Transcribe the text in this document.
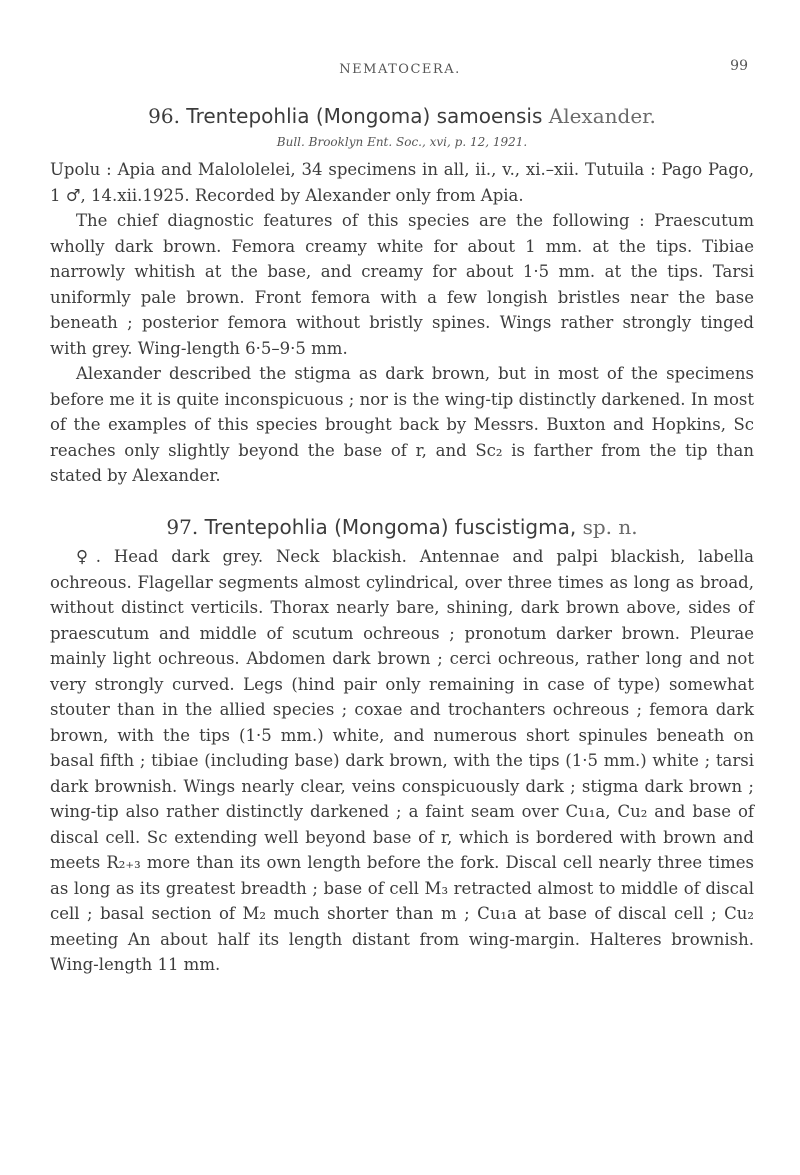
NEMATOCERA.	99

96. Trentepohlia (Mongoma) samoensis Alexander.

Bull. Brooklyn Ent. Soc., xvi, p. 12, 1921.

Upolu : Apia and Malololelei, 34 specimens in all, ii., v., xi.–xii. Tutuila : Pago Pago, 1 ♂, 14.xii.1925. Recorded by Alexander only from Apia.

The chief diagnostic features of this species are the following : Praescutum wholly dark brown. Femora creamy white for about 1 mm. at the tips. Tibiae narrowly whitish at the base, and creamy for about 1·5 mm. at the tips. Tarsi uniformly pale brown. Front femora with a few longish bristles near the base beneath ; posterior femora without bristly spines. Wings rather strongly tinged with grey. Wing-length 6·5–9·5 mm.

Alexander described the stigma as dark brown, but in most of the specimens before me it is quite inconspicuous ; nor is the wing-tip distinctly darkened. In most of the examples of this species brought back by Messrs. Buxton and Hopkins, Sc reaches only slightly beyond the base of r, and Sc₂ is farther from the tip than stated by Alexander.

97. Trentepohlia (Mongoma) fuscistigma, sp. n.

♀. Head dark grey. Neck blackish. Antennae and palpi blackish, labella ochreous. Flagellar segments almost cylindrical, over three times as long as broad, without distinct verticils. Thorax nearly bare, shining, dark brown above, sides of praescutum and middle of scutum ochreous ; pronotum darker brown. Pleurae mainly light ochreous. Abdomen dark brown ; cerci ochreous, rather long and not very strongly curved. Legs (hind pair only remaining in case of type) somewhat stouter than in the allied species ; coxae and trochanters ochreous ; femora dark brown, with the tips (1·5 mm.) white, and numerous short spinules beneath on basal fifth ; tibiae (including base) dark brown, with the tips (1·5 mm.) white ; tarsi dark brownish. Wings nearly clear, veins conspicuously dark ; stigma dark brown ; wing-tip also rather distinctly darkened ; a faint seam over Cu₁a, Cu₂ and base of discal cell. Sc extending well beyond base of r, which is bordered with brown and meets R₂₊₃ more than its own length before the fork. Discal cell nearly three times as long as its greatest breadth ; base of cell M₃ retracted almost to middle of discal cell ; basal section of M₂ much shorter than m ; Cu₁a at base of discal cell ; Cu₂ meeting An about half its length distant from wing-margin. Halteres brownish. Wing-length 11 mm.
